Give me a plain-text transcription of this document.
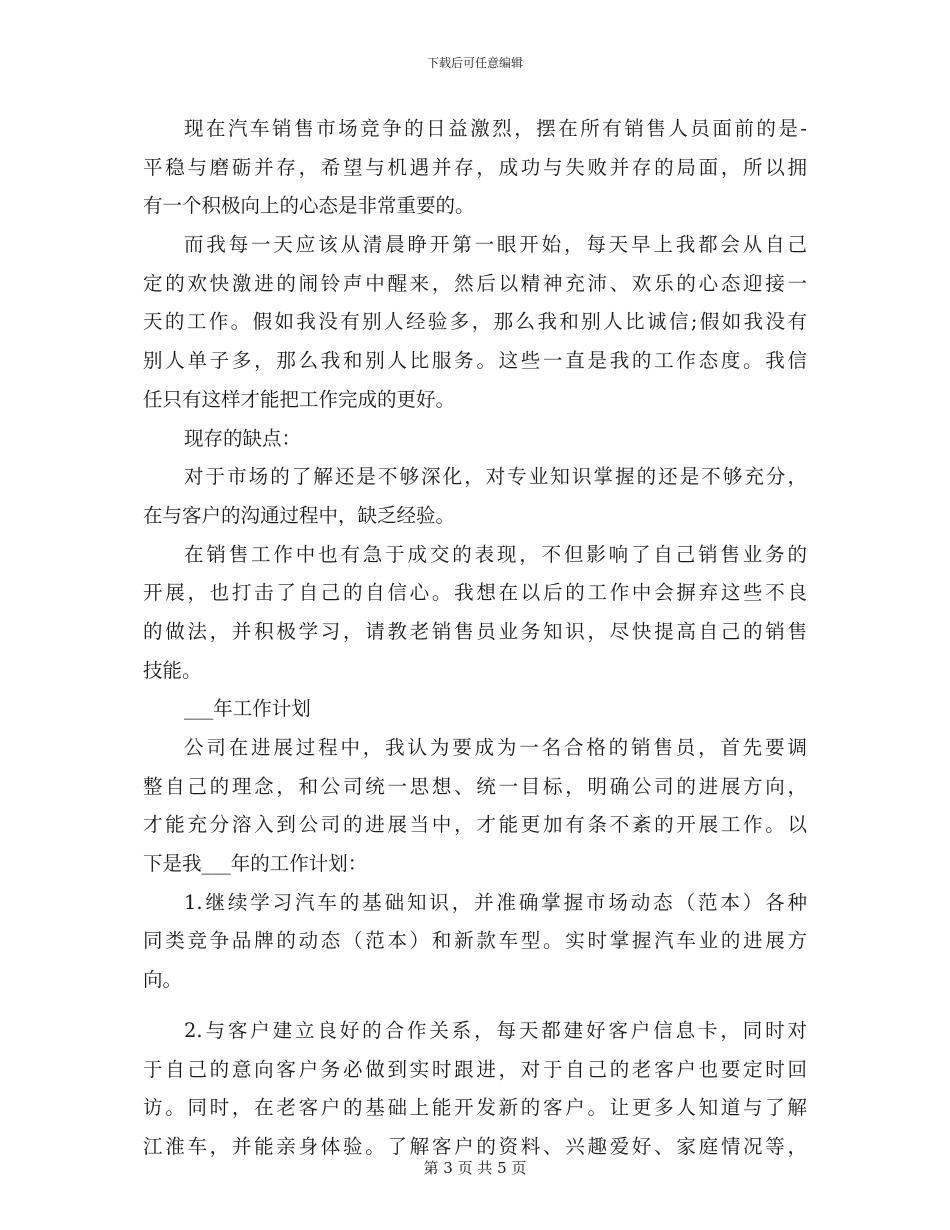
下载后可任意编辑
现在汽车销售市场竞争的日益激烈，摆在所有销售人员面前的是-
平稳与磨砺并存，希望与机遇并存，成功与失败并存的局面，所以拥
有一个积极向上的心态是非常重要的。
而我每一天应该从清晨睁开第一眼开始，每天早上我都会从自己
定的欢快激进的闹铃声中醒来，然后以精神充沛、欢乐的心态迎接一
天的工作。假如我没有别人经验多，那么我和别人比诚信;假如我没有
别人单子多，那么我和别人比服务。这些一直是我的工作态度。我信
任只有这样才能把工作完成的更好。
现存的缺点：
对于市场的了解还是不够深化，对专业知识掌握的还是不够充分，
在与客户的沟通过程中，缺乏经验。
在销售工作中也有急于成交的表现，不但影响了自己销售业务的
开展，也打击了自己的自信心。我想在以后的工作中会摒弃这些不良
的做法，并积极学习，请教老销售员业务知识，尽快提高自己的销售
技能。
___年工作计划
公司在进展过程中，我认为要成为一名合格的销售员，首先要调
整自己的理念，和公司统一思想、统一目标，明确公司的进展方向，
才能充分溶入到公司的进展当中，才能更加有条不紊的开展工作。以
下是我___年的工作计划：
1.继续学习汽车的基础知识，并准确掌握市场动态（范本）各种
同类竞争品牌的动态（范本）和新款车型。实时掌握汽车业的进展方
向。
2.与客户建立良好的合作关系，每天都建好客户信息卡，同时对
于自己的意向客户务必做到实时跟进，对于自己的老客户也要定时回
访。同时，在老客户的基础上能开发新的客户。让更多人知道与了解
江淮车，并能亲身体验。了解客户的资料、兴趣爱好、家庭情况等，
第 3 页 共 5 页
